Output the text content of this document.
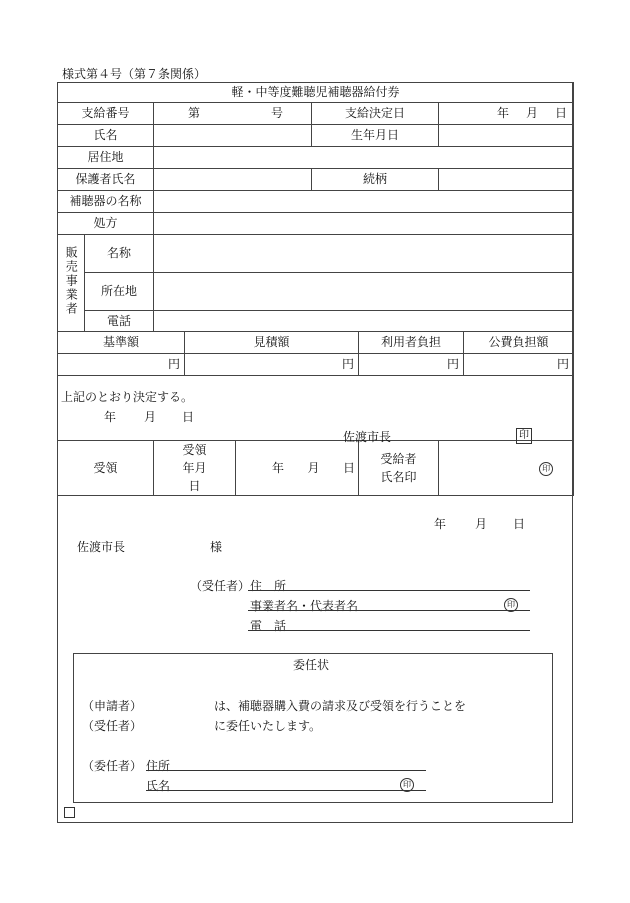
様式第４号（第７条関係）
軽・中等度難聴児補聴器給付券								
支給番号		第 号			支給決定日		年 月 日	

氏名					生年月日			
居住地								
保護者氏名					続柄			
補聴器の名称								
処方								
販売事業者	名称							
	所在地							
	電話							
基準額			見積額			利用者負担		公費負担額
円			円			円		円

受領		受領年月日		年 月 日		受給者氏名印	印	
上記のとおり決定する。
年 月 日
佐渡市長	印
年 月 日
佐渡市長	様
（受任者） 住　所
事業者名・代表者名	印
電　話
委任状
（申請者）	は、補聴器購入費の請求及び受領を行うことを
（受任者）	に委任いたします。
（委任者） 住所
氏名	印
